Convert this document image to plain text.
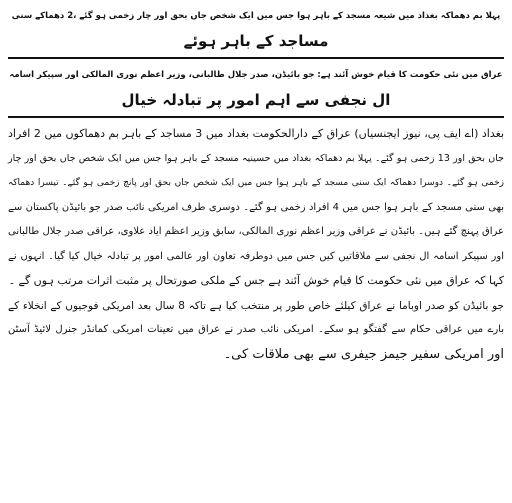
پہلا بم دھماکہ بغداد میں شیعہ مسجد کے باہر ہوا جس میں ایک شخص جاں بحق اور چار زخمی ہو گئے ،2 دھماکے سنی
مساجد کے باہر ہوئے
عراق میں نئی حکومت کا قیام خوش آئند ہے: جو بائیڈن، صدر جلال طالبانی، وزیر اعظم نوری المالکی اور سپیکر اسامہ
ال نجفی سے اہم امور پر تبادلہ خیال
بغداد (اے ایف پی، نیوز ایجنسیاں) عراق کے دارالحکومت بغداد میں 3 مساجد کے باہر بم دھماکوں میں 2 افراد
جاں بحق اور 13 زخمی ہو گئے۔ پہلا بم دھماکہ بغداد میں حسینیہ مسجد کے باہر ہوا جس میں ایک شخص جاں بحق اور چار
زخمی ہو گئے۔ دوسرا دھماکہ ایک سنی مسجد کے باہر ہوا جس میں ایک شخص جاں بحق اور پانچ زخمی ہو گئے۔ تیسرا دھماکہ
بھی سنی مسجد کے باہر ہوا جس میں 4 افراد زخمی ہو گئے۔ دوسری طرف امریکی نائب صدر جو بائیڈن پاکستان سے
عراق پہنچ گئے ہیں۔ بائیڈن نے عراقی وزیر اعظم نوری المالکی، سابق وزیر اعظم ایاد علاوی، عراقی صدر جلال طالبانی
اور سپیکر اسامہ ال نجفی سے ملاقاتیں کیں جس میں دوطرفہ تعاون اور عالمی امور پر تبادلہ خیال کیا گیا۔ انہوں نے
کہا کہ عراق میں نئی حکومت کا قیام خوش آئند ہے جس کے ملکی صورتحال پر مثبت اثرات مرتب ہوں گے ۔
جو بائیڈن کو صدر اوباما نے عراق کیلئے خاص طور پر منتخب کیا ہے تاکہ 8 سال بعد امریکی فوجیوں کے انخلاء کے
بارے میں عراقی حکام سے گفتگو ہو سکے۔ امریکی نائب صدر نے عراق میں تعینات امریکی کمانڈر جنرل لائیڈ آسٹن
اور امریکی سفیر جیمز جیفری سے بھی ملاقات کی۔
